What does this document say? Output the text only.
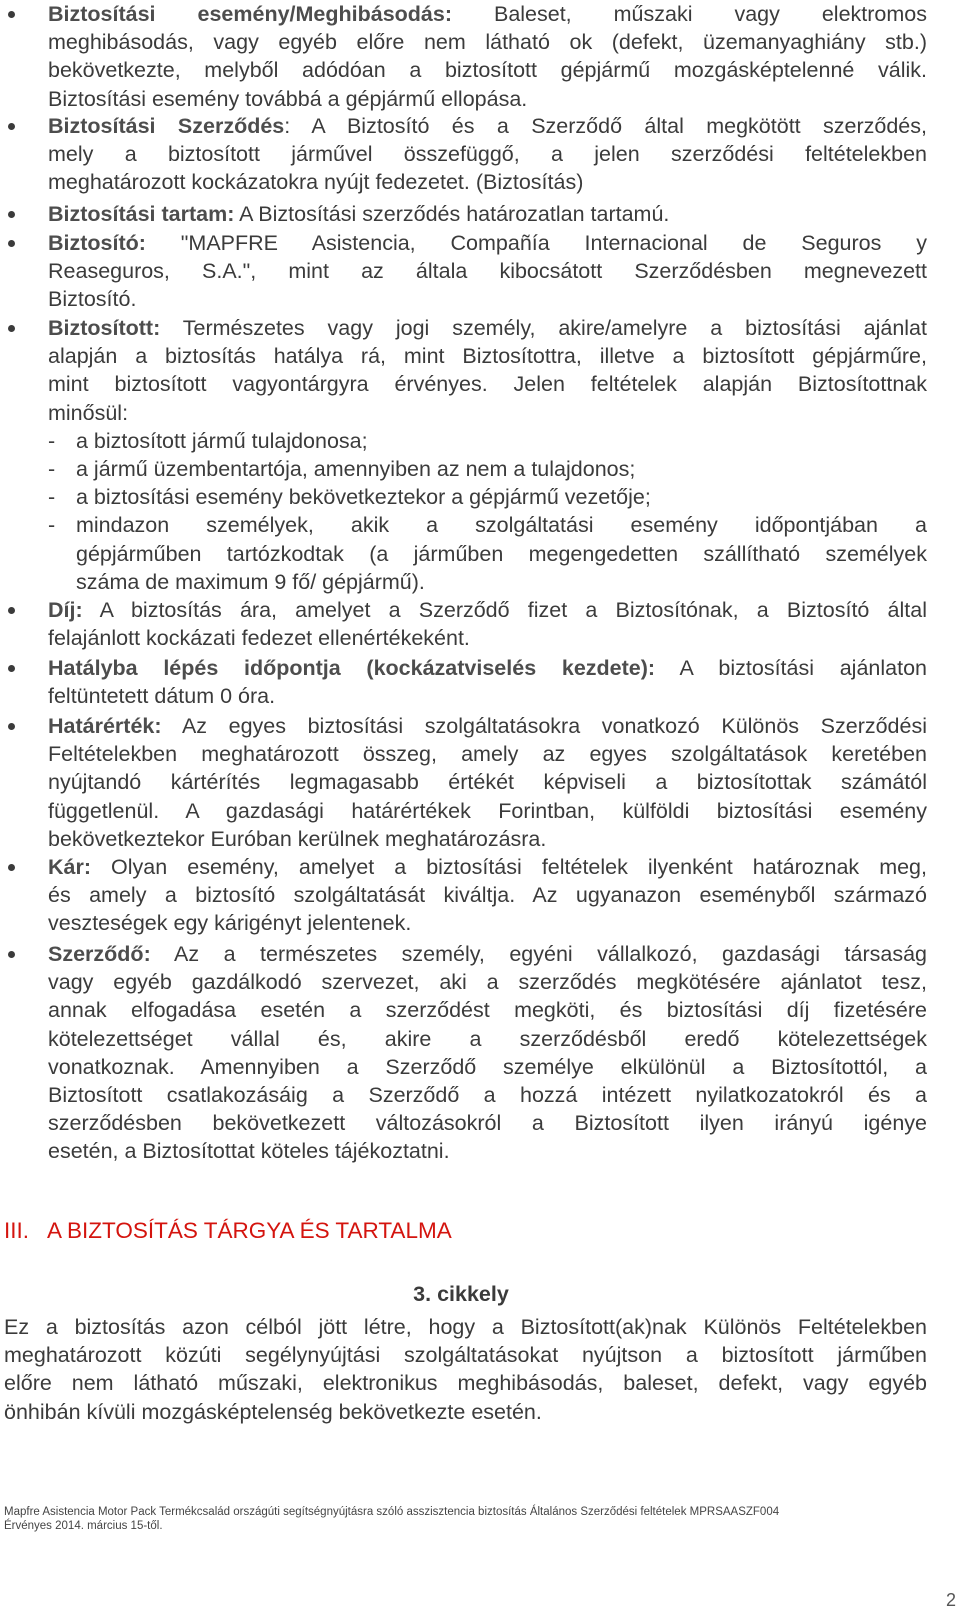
Biztosítási esemény/Meghibásodás: Baleset, műszaki vagy elektromos
meghibásodás, vagy egyéb előre nem látható ok (defekt, üzemanyaghiány stb.)
bekövetkezte, melyből adódóan a biztosított gépjármű mozgásképtelenné válik.
Biztosítási esemény továbbá a gépjármű ellopása.
Biztosítási Szerződés: A Biztosító és a Szerződő által megkötött szerződés,
mely a biztosított járművel összefüggő, a jelen szerződési feltételekben
meghatározott kockázatokra nyújt fedezetet. (Biztosítás)
Biztosítási tartam: A Biztosítási szerződés határozatlan tartamú.
Biztosító: "MAPFRE Asistencia, Compañía Internacional de Seguros y
Reaseguros, S.A.", mint az általa kibocsátott Szerződésben megnevezett
Biztosító.
Biztosított: Természetes vagy jogi személy, akire/amelyre a biztosítási ajánlat
alapján a biztosítás hatálya rá, mint Biztosítottra, illetve a biztosított gépjárműre,
mint biztosított vagyontárgyra érvényes. Jelen feltételek alapján Biztosítottnak
minősül:
- a biztosított jármű tulajdonosa;
- a jármű üzembentartója, amennyiben az nem a tulajdonos;
- a biztosítási esemény bekövetkeztekor a gépjármű vezetője;
- mindazon személyek, akik a szolgáltatási esemény időpontjában a
gépjárműben tartózkodtak (a járműben megengedetten szállítható személyek
száma de maximum 9 fő/ gépjármű).
Díj: A biztosítás ára, amelyet a Szerződő fizet a Biztosítónak, a Biztosító által
felajánlott kockázati fedezet ellenértékeként.
Hatályba lépés időpontja (kockázatviselés kezdete): A biztosítási ajánlaton
feltüntetett dátum 0 óra.
Határérték: Az egyes biztosítási szolgáltatásokra vonatkozó Különös Szerződési
Feltételekben meghatározott összeg, amely az egyes szolgáltatások keretében
nyújtandó kártérítés legmagasabb értékét képviseli a biztosítottak számától
függetlenül. A gazdasági határértékek Forintban, külföldi biztosítási esemény
bekövetkeztekor Euróban kerülnek meghatározásra.
Kár: Olyan esemény, amelyet a biztosítási feltételek ilyenként határoznak meg,
és amely a biztosító szolgáltatását kiváltja. Az ugyanazon eseményből származó
veszteségek egy kárigényt jelentenek.
Szerződő: Az a természetes személy, egyéni vállalkozó, gazdasági társaság
vagy egyéb gazdálkodó szervezet, aki a szerződés megkötésére ajánlatot tesz,
annak elfogadása esetén a szerződést megköti, és biztosítási díj fizetésére
kötelezettséget vállal és, akire a szerződésből eredő kötelezettségek
vonatkoznak. Amennyiben a Szerződő személye elkülönül a Biztosítottól, a
Biztosított csatlakozásáig a Szerződő a hozzá intézett nyilatkozatokról és a
szerződésben bekövetkezett változásokról a Biztosított ilyen irányú igénye
esetén, a Biztosítottat köteles tájékoztatni.
III. A BIZTOSÍTÁS TÁRGYA ÉS TARTALMA
3. cikkely
Ez a biztosítás azon célból jött létre, hogy a Biztosított(ak)nak Különös Feltételekben
meghatározott közúti segélynyújtási szolgáltatásokat nyújtson a biztosított járműben
előre nem látható műszaki, elektronikus meghibásodás, baleset, defekt, vagy egyéb
önhibán kívüli mozgásképtelenség bekövetkezte esetén.
Mapfre Asistencia Motor Pack Termékcsalád országúti segítségnyújtásra szóló asszisztencia biztosítás Általános Szerződési feltételek MPRSAASZF004
Érvényes 2014. március 15-től.
2
